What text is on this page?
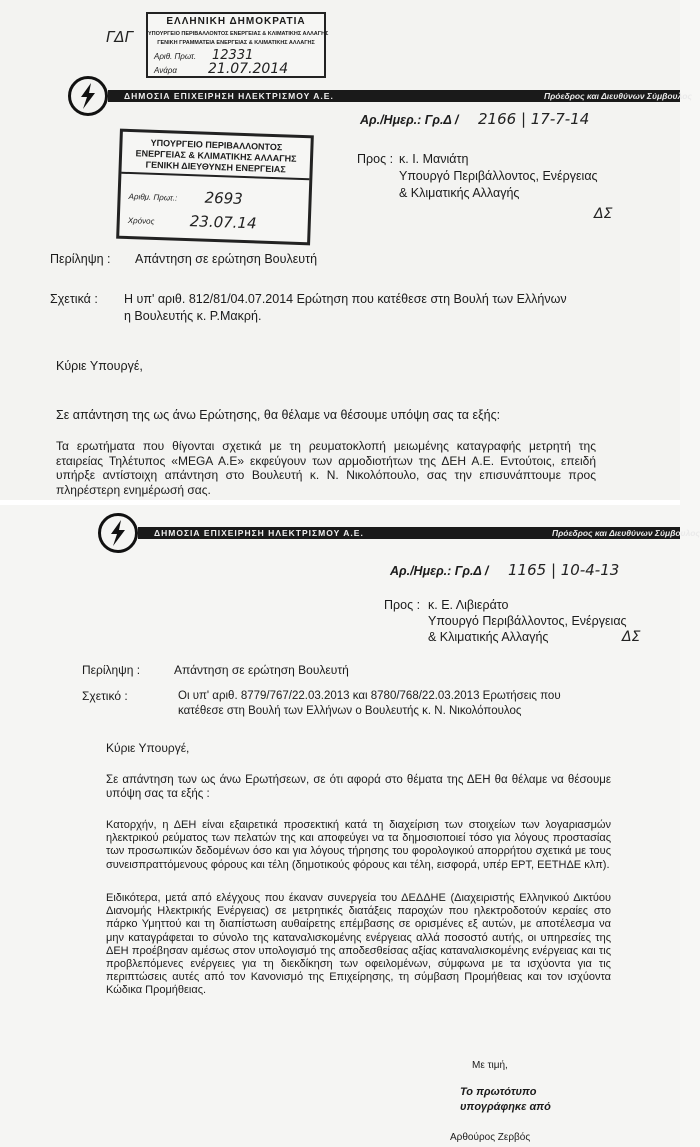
ΓΔΓ
ΕΛΛΗΝΙΚΗ ΔΗΜΟΚΡΑΤΙΑ
ΥΠΟΥΡΓΕΙΟ ΠΕΡΙΒΑΛΛΟΝΤΟΣ ΕΝΕΡΓΕΙΑΣ & ΚΛΙΜΑΤΙΚΗΣ ΑΛΛΑΓΗΣ
ΓΕΝΙΚΗ ΓΡΑΜΜΑΤΕΙΑ ΕΝΕΡΓΕΙΑΣ & ΚΛΙΜΑΤΙΚΗΣ ΑΛΛΑΓΗΣ
Αριθ. Πρωτ. 12331
Ανάρα 21.07.2014
ΔΗΜΟΣΙΑ ΕΠΙΧΕΙΡΗΣΗ ΗΛΕΚΤΡΙΣΜΟΥ Α.Ε.	Πρόεδρος και Διευθύνων Σύμβουλος
Αρ./Ημερ.: Γρ.Δ / 2166 | 17-7-14
ΥΠΟΥΡΓΕΙΟ ΠΕΡΙΒΑΛΛΟΝΤΟΣ
ΕΝΕΡΓΕΙΑΣ & ΚΛΙΜΑΤΙΚΗΣ ΑΛΛΑΓΗΣ
ΓΕΝΙΚΗ ΔΙΕΥΘΥΝΣΗ ΕΝΕΡΓΕΙΑΣ
Αριθμ. Πρωτ.: 2693
Χρόνος 23.07.14
Προς : κ. Ι. Μανιάτη
Υπουργό Περιβάλλοντος, Ενέργειας
& Κλιματικής Αλλαγής
ΔΣ
Περίληψη : Απάντηση σε ερώτηση Βουλευτή
Σχετικά : Η υπ' αριθ. 812/81/04.07.2014 Ερώτηση που κατέθεσε στη Βουλή των Ελλήνων
η Βουλευτής κ. Ρ.Μακρή.
Κύριε Υπουργέ,
Σε απάντηση της ως άνω Ερώτησης, θα θέλαμε να θέσουμε υπόψη σας τα εξής:
Τα ερωτήματα που θίγονται σχετικά με τη ρευματοκλοπή μειωμένης καταγραφής μετρητή της εταιρείας Τηλέτυπος «MEGA A.E» εκφεύγουν των αρμοδιοτήτων της ΔΕΗ Α.Ε. Εντούτοις, επειδή υπήρξε αντίστοιχη απάντηση στο Βουλευτή κ. Ν. Νικολόπουλο, σας την επισυνάπτουμε προς πληρέστερη ενημέρωσή σας.
ΔΗΜΟΣΙΑ ΕΠΙΧΕΙΡΗΣΗ ΗΛΕΚΤΡΙΣΜΟΥ Α.Ε.	Πρόεδρος και Διευθύνων Σύμβουλος
Αρ./Ημερ.: Γρ.Δ / 1165 | 10-4-13
Προς : κ. Ε. Λιβιεράτο
Υπουργό Περιβάλλοντος, Ενέργειας
& Κλιματικής Αλλαγής	ΔΣ
Περίληψη :	Απάντηση σε ερώτηση Βουλευτή
Σχετικό :	Οι υπ' αριθ. 8779/767/22.03.2013 και 8780/768/22.03.2013 Ερωτήσεις που
κατέθεσε στη Βουλή των Ελλήνων ο Βουλευτής κ. Ν. Νικολόπουλος
Κύριε Υπουργέ,
Σε απάντηση των ως άνω Ερωτήσεων, σε ότι αφορά στο θέματα της ΔΕΗ θα θέλαμε να θέσουμε υπόψη σας τα εξής :
Κατορχήν, η ΔΕΗ είναι εξαιρετικά προσεκτική κατά τη διαχείριση των στοιχείων των λογαριασμών ηλεκτρικού ρεύματος των πελατών της και αποφεύγει να τα δημοσιοποιεί τόσο για λόγους προστασίας των προσωπικών δεδομένων όσο και για λόγους τήρησης του φορολογικού απορρήτου σχετικά με τους συνεισπραττόμενους φόρους και τέλη (δημοτικούς φόρους και τέλη, εισφορά, υπέρ ΕΡΤ, ΕΕΤΗΔΕ κλπ).
Ειδικότερα, μετά από ελέγχους που έκαναν συνεργεία του ΔΕΔΔΗΕ (Διαχειριστής Ελληνικού Δικτύου Διανομής Ηλεκτρικής Ενέργειας) σε μετρητικές διατάξεις παροχών που ηλεκτροδοτούν κεραίες στο πάρκο Υμηττού και τη διαπίστωση αυθαίρετης επέμβασης σε ορισμένες εξ αυτών, με αποτέλεσμα να μην καταγράφεται το σύνολο της καταναλισκομένης ενέργειας αλλά ποσοστό αυτής, οι υπηρεσίες της ΔΕΗ προέβησαν αμέσως στον υπολογισμό της αποδεσθείσας αξίας καταναλισκομένης ενέργειας και τις προβλεπόμενες ενέργειες για τη διεκδίκηση των οφειλομένων, σύμφωνα με τα ισχύοντα για τις περιπτώσεις αυτές από τον Κανονισμό της Επιχείρησης, τη σύμβαση Προμήθειας και τον ισχύοντα Κώδικα Προμήθειας.
Με τιμή,
Το πρωτότυπο
υπογράφηκε από
Αρθούρος Ζερβός
